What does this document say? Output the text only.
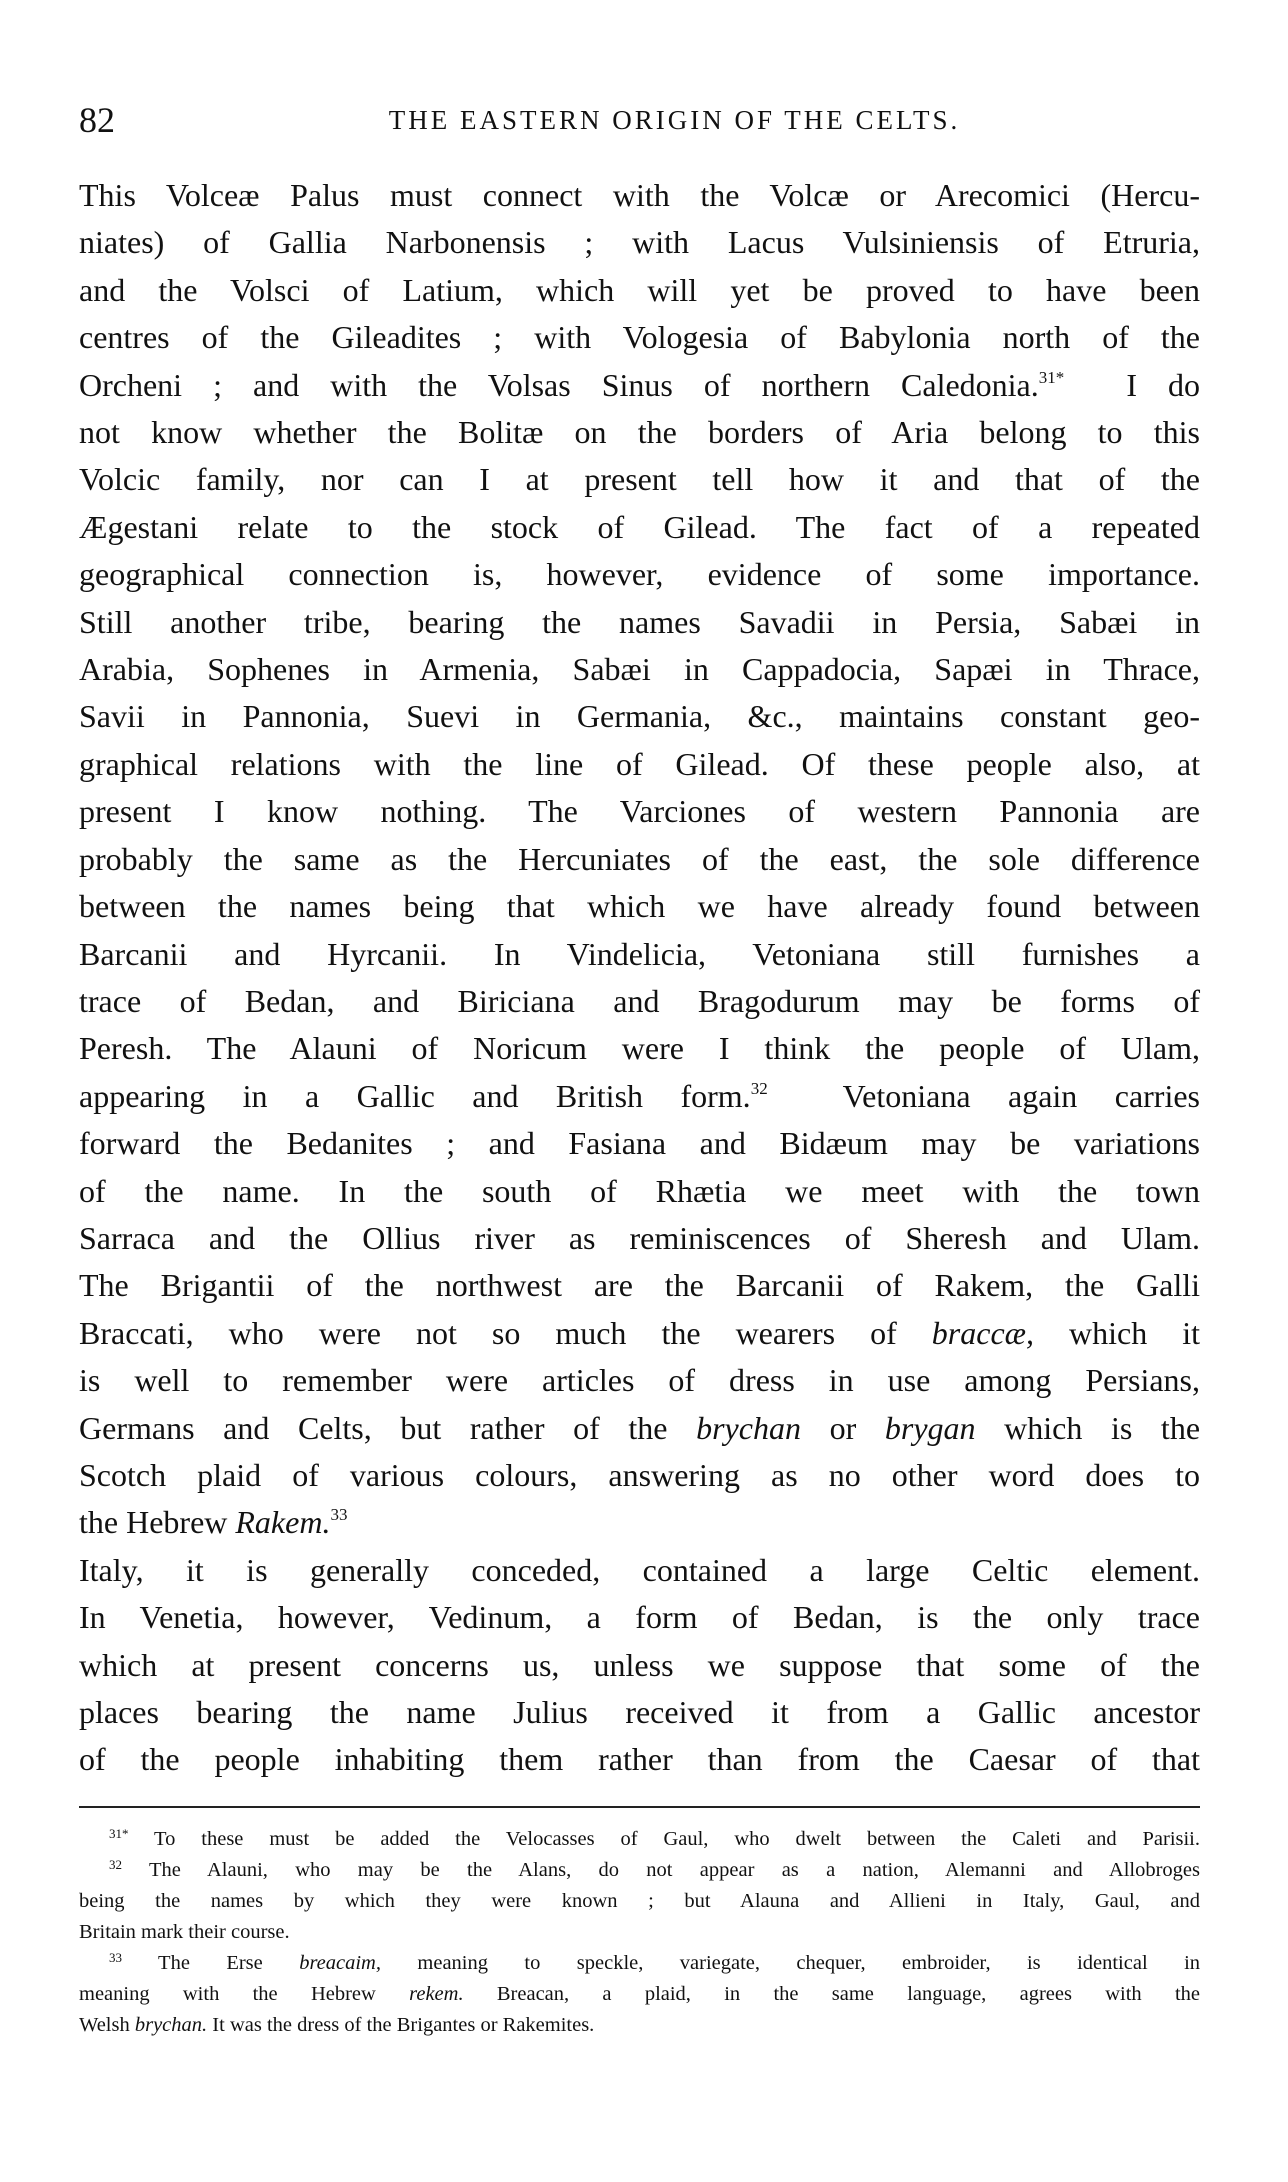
82	THE EASTERN ORIGIN OF THE CELTS.
This Volceæ Palus must connect with the Volcæ or Arecomici (Hercu-
niates) of Gallia Narbonensis ; with Lacus Vulsiniensis of Etruria,
and the Volsci of Latium, which will yet be proved to have been
centres of the Gileadites ; with Vologesia of Babylonia north of the
Orcheni ; and with the Volsas Sinus of northern Caledonia.$^{31*}$ I do
not know whether the Bolitæ on the borders of Aria belong to this
Volcic family, nor can I at present tell how it and that of the
Ægestani relate to the stock of Gilead. The fact of a repeated
geographical connection is, however, evidence of some importance.
Still another tribe, bearing the names Savadii in Persia, Sabæi in
Arabia, Sophenes in Armenia, Sabæi in Cappadocia, Sapæi in Thrace,
Savii in Pannonia, Suevi in Germania, &c., maintains constant geo-
graphical relations with the line of Gilead. Of these people also, at
present I know nothing. The Varciones of western Pannonia are
probably the same as the Hercuniates of the east, the sole difference
between the names being that which we have already found between
Barcanii and Hyrcanii. In Vindelicia, Vetoniana still furnishes a
trace of Bedan, and Biriciana and Bragodurum may be forms of
Peresh. The Alauni of Noricum were I think the people of Ulam,
appearing in a Gallic and British form.$^{32}$ Vetoniana again carries
forward the Bedanites ; and Fasiana and Bidæum may be variations
of the name. In the south of Rhætia we meet with the town
Sarraca and the Ollius river as reminiscences of Sheresh and Ulam.
The Brigantii of the northwest are the Barcanii of Rakem, the Galli
Braccati, who were not so much the wearers of braccæ, which it
is well to remember were articles of dress in use among Persians,
Germans and Celts, but rather of the brychan or brygan which is the
Scotch plaid of various colours, answering as no other word does to
the Hebrew Rakem.$^{33}$
Italy, it is generally conceded, contained a large Celtic element.
In Venetia, however, Vedinum, a form of Bedan, is the only trace
which at present concerns us, unless we suppose that some of the
places bearing the name Julius received it from a Gallic ancestor
of the people inhabiting them rather than from the Caesar of that
$^{31*}$ To these must be added the Velocasses of Gaul, who dwelt between the Caleti and Parisii.
$^{32}$ The Alauni, who may be the Alans, do not appear as a nation, Alemanni and Allobroges
being the names by which they were known ; but Alauna and Allieni in Italy, Gaul, and
Britain mark their course.
$^{33}$ The Erse breacaim, meaning to speckle, variegate, chequer, embroider, is identical in
meaning with the Hebrew rekem. Breacan, a plaid, in the same language, agrees with the
Welsh brychan. It was the dress of the Brigantes or Rakemites.
